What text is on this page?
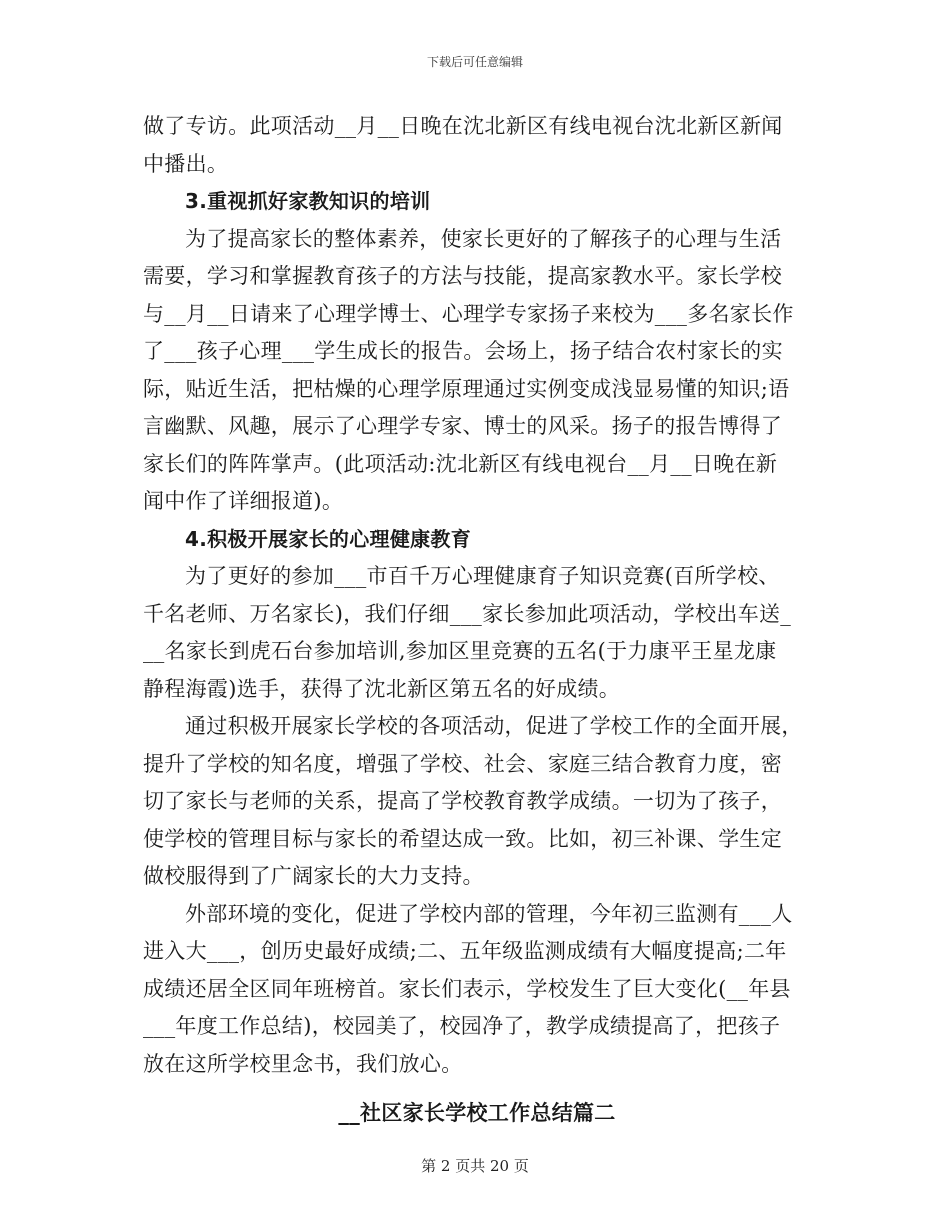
下载后可任意编辑
做了专访。此项活动__月__日晚在沈北新区有线电视台沈北新区新闻
中播出。
3.重视抓好家教知识的培训
为了提高家长的整体素养，使家长更好的了解孩子的心理与生活
需要，学习和掌握教育孩子的方法与技能，提高家教水平。家长学校
与__月__日请来了心理学博士、心理学专家扬子来校为___多名家长作
了___孩子心理___学生成长的报告。会场上，扬子结合农村家长的实
际，贴近生活，把枯燥的心理学原理通过实例变成浅显易懂的知识;语
言幽默、风趣，展示了心理学专家、博士的风采。扬子的报告博得了
家长们的阵阵掌声。(此项活动:沈北新区有线电视台__月__日晚在新
闻中作了详细报道)。
4.积极开展家长的心理健康教育
为了更好的参加___市百千万心理健康育子知识竞赛(百所学校、
千名老师、万名家长)，我们仔细___家长参加此项活动，学校出车送_
__名家长到虎石台参加培训,参加区里竞赛的五名(于力康平王星龙康
静程海霞)选手，获得了沈北新区第五名的好成绩。
通过积极开展家长学校的各项活动，促进了学校工作的全面开展，
提升了学校的知名度，增强了学校、社会、家庭三结合教育力度，密
切了家长与老师的关系，提高了学校教育教学成绩。一切为了孩子，
使学校的管理目标与家长的希望达成一致。比如，初三补课、学生定
做校服得到了广阔家长的大力支持。
外部环境的变化，促进了学校内部的管理，今年初三监测有___人
进入大___，创历史最好成绩;二、五年级监测成绩有大幅度提高;二年
成绩还居全区同年班榜首。家长们表示，学校发生了巨大变化(__年县
___年度工作总结)，校园美了，校园净了，教学成绩提高了，把孩子
放在这所学校里念书，我们放心。
__社区家长学校工作总结篇二
第 2 页共 20 页
